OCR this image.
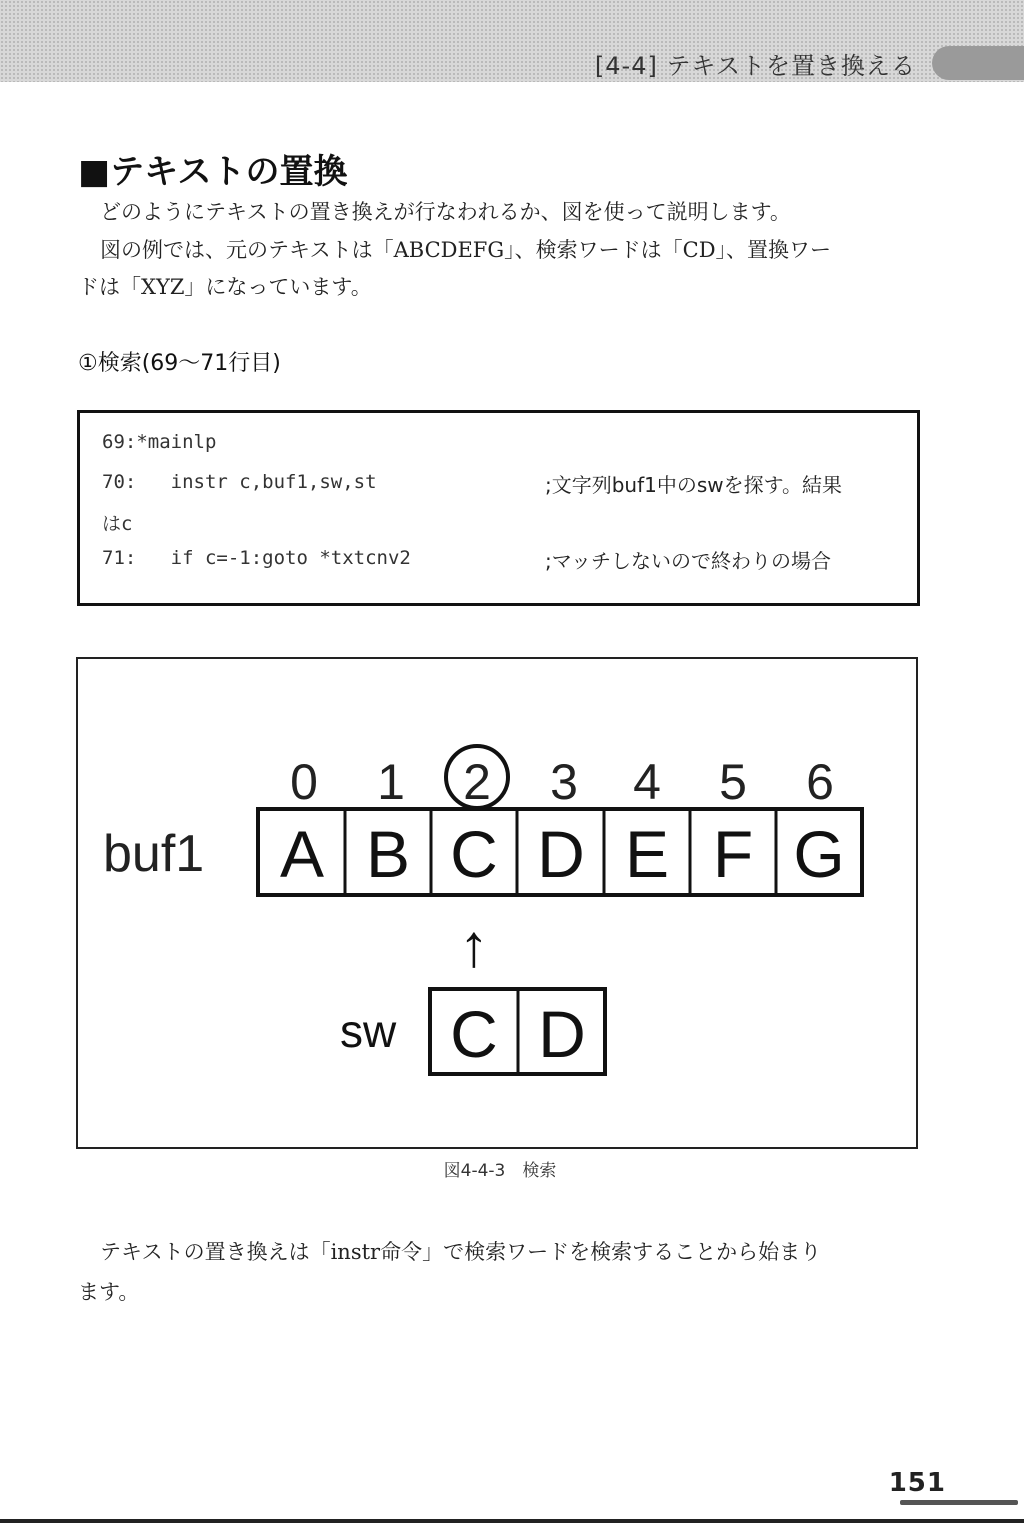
[4-4] テキストを置き換える
■テキストの置換

どのようにテキストの置き換えが行なわれるか、図を使って説明します。

図の例では、元のテキストは「ABCDEFG」、検索ワードは「CD」、置換ワー

ドは「XYZ」になっています。

①検索(69〜71行目)
69:*mainlp
70:   instr c,buf1,sw,st	;文字列buf1中のswを探す。結果
はc
71:   if c=-1:goto *txtcnv2	;マッチしないので終わりの場合
buf1
0 1 2 3 4 5 6
A B C D E F G
↑
sw C D
図4-4-3　検索

テキストの置き換えは「instr命令」で検索ワードを検索することから始まり

ます。

151
